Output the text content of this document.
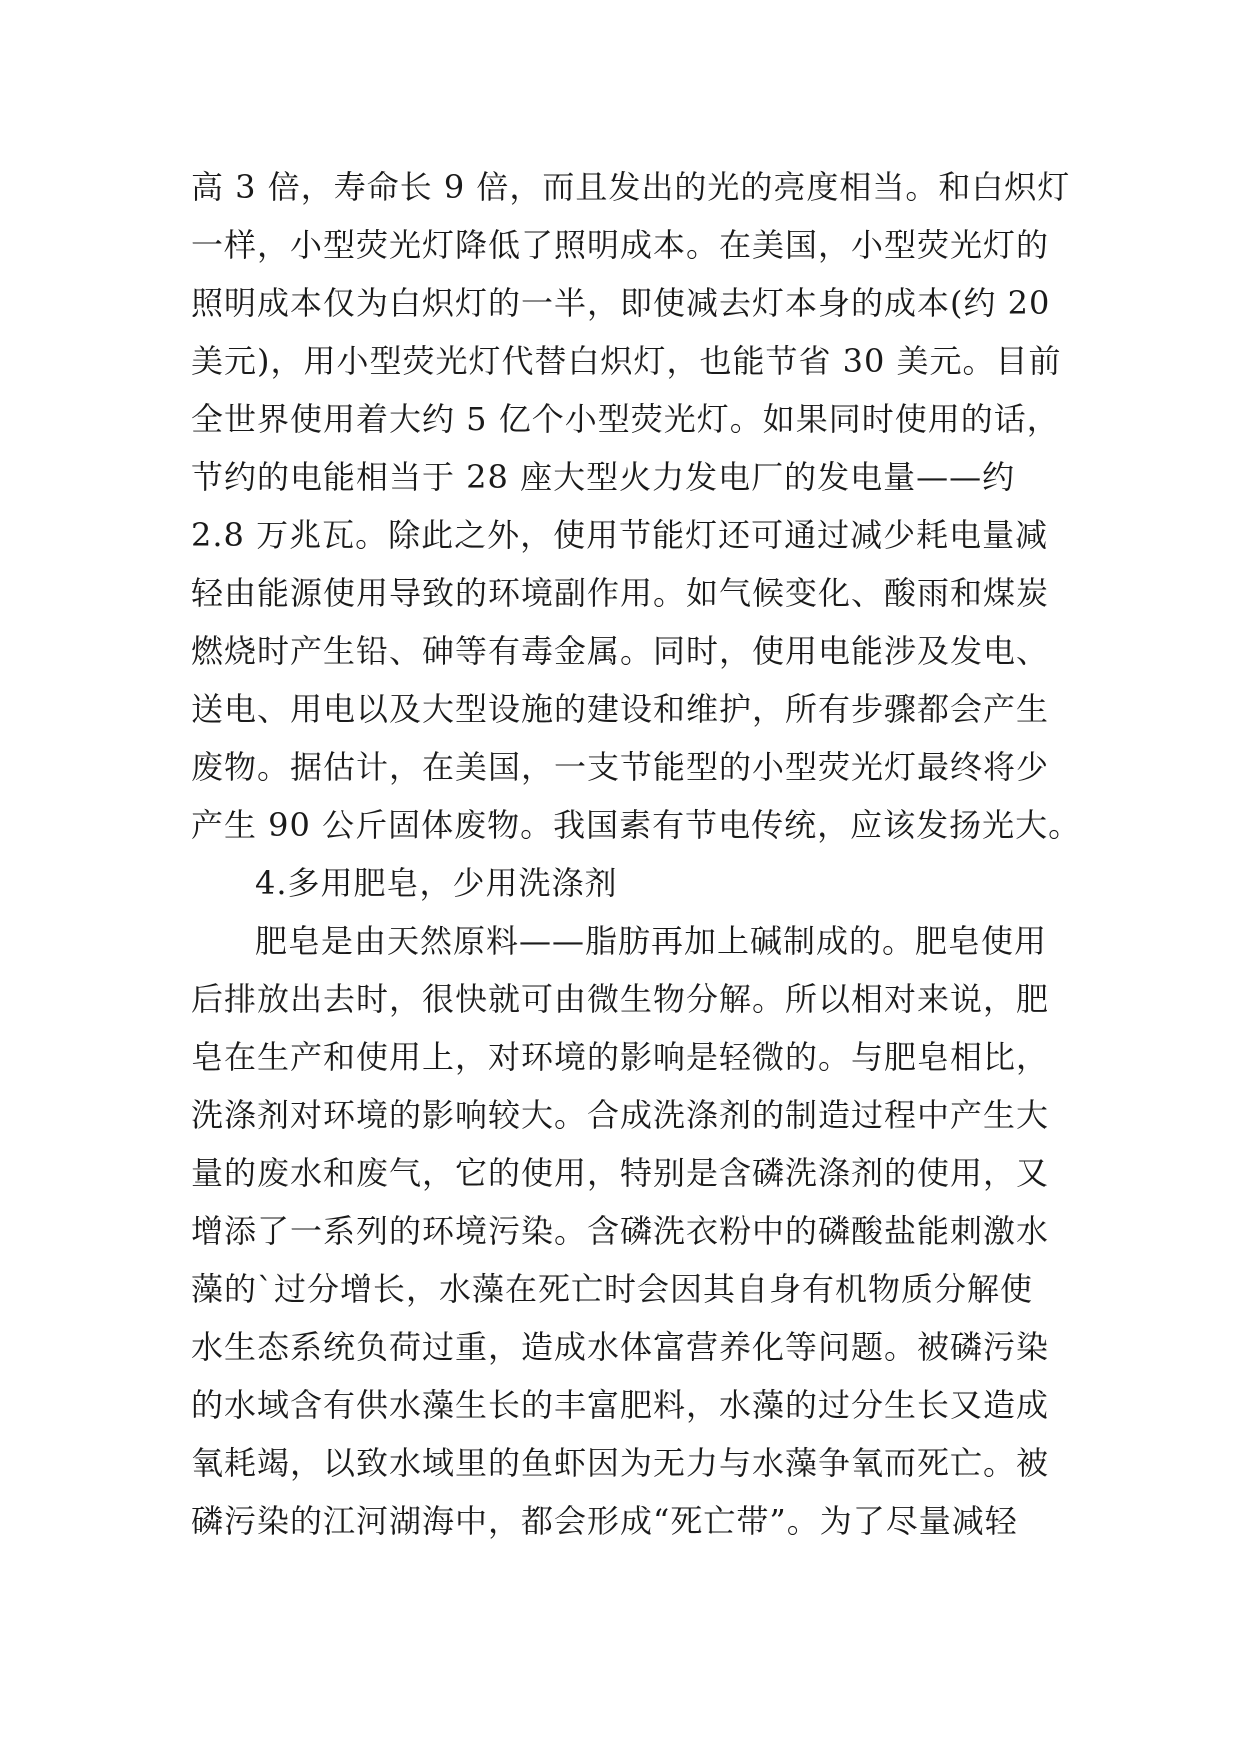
高 3 倍，寿命长 9 倍，而且发出的光的亮度相当。和白炽灯
一样，小型荧光灯降低了照明成本。在美国，小型荧光灯的
照明成本仅为白炽灯的一半，即使减去灯本身的成本(约 20
美元)，用小型荧光灯代替白炽灯，也能节省 30 美元。目前
全世界使用着大约 5 亿个小型荧光灯。如果同时使用的话，
节约的电能相当于 28 座大型火力发电厂的发电量——约
2.8 万兆瓦。除此之外，使用节能灯还可通过减少耗电量减
轻由能源使用导致的环境副作用。如气候变化、酸雨和煤炭
燃烧时产生铅、砷等有毒金属。同时，使用电能涉及发电、
送电、用电以及大型设施的建设和维护，所有步骤都会产生
废物。据估计，在美国，一支节能型的小型荧光灯最终将少
产生 90 公斤固体废物。我国素有节电传统，应该发扬光大。
4.多用肥皂，少用洗涤剂
肥皂是由天然原料——脂肪再加上碱制成的。肥皂使用
后排放出去时，很快就可由微生物分解。所以相对来说，肥
皂在生产和使用上，对环境的影响是轻微的。与肥皂相比，
洗涤剂对环境的影响较大。合成洗涤剂的制造过程中产生大
量的废水和废气，它的使用，特别是含磷洗涤剂的使用，又
增添了一系列的环境污染。含磷洗衣粉中的磷酸盐能刺激水
藻的`过分增长，水藻在死亡时会因其自身有机物质分解使
水生态系统负荷过重，造成水体富营养化等问题。被磷污染
的水域含有供水藻生长的丰富肥料，水藻的过分生长又造成
氧耗竭，以致水域里的鱼虾因为无力与水藻争氧而死亡。被
磷污染的江河湖海中，都会形成“死亡带”。为了尽量减轻
